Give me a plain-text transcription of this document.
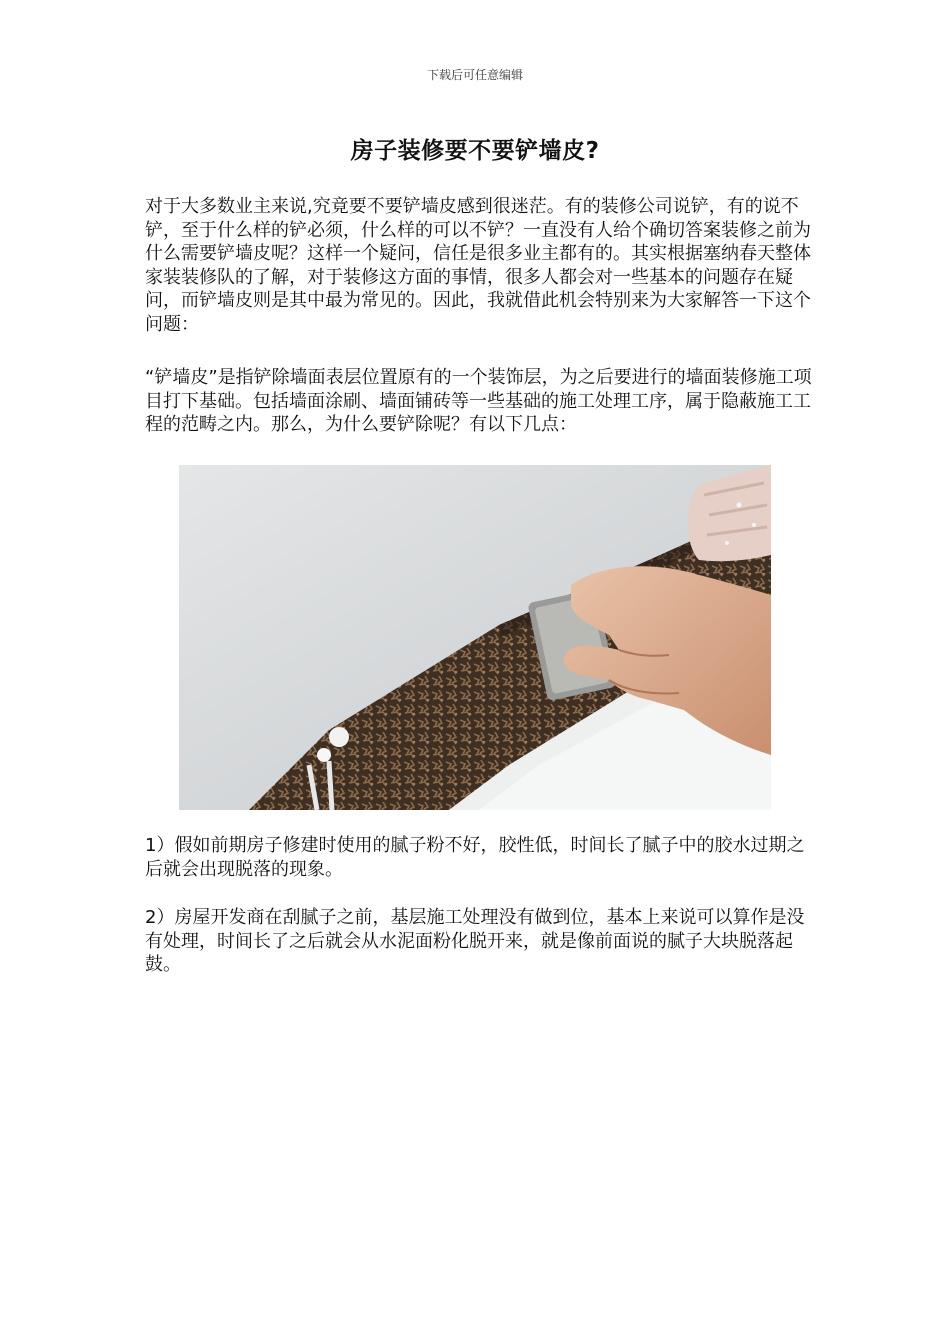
下载后可任意编辑
房子装修要不要铲墙皮?

对于大多数业主来说,究竟要不要铲墙皮感到很迷茫。有的装修公司说铲，有的说不铲，至于什么样的铲必须，什么样的可以不铲？一直没有人给个确切答案装修之前为什么需要铲墙皮呢？这样一个疑问，信任是很多业主都有的。其实根据塞纳春天整体家装装修队的了解，对于装修这方面的事情，很多人都会对一些基本的问题存在疑问，而铲墙皮则是其中最为常见的。因此，我就借此机会特别来为大家解答一下这个问题：

“铲墙皮”是指铲除墙面表层位置原有的一个装饰层，为之后要进行的墙面装修施工项目打下基础。包括墙面涂刷、墙面铺砖等一些基础的施工处理工序，属于隐蔽施工工程的范畴之内。那么，为什么要铲除呢？有以下几点：

1）假如前期房子修建时使用的腻子粉不好，胶性低，时间长了腻子中的胶水过期之后就会出现脱落的现象。

2）房屋开发商在刮腻子之前，基层施工处理没有做到位，基本上来说可以算作是没有处理，时间长了之后就会从水泥面粉化脱开来，就是像前面说的腻子大块脱落起鼓。
